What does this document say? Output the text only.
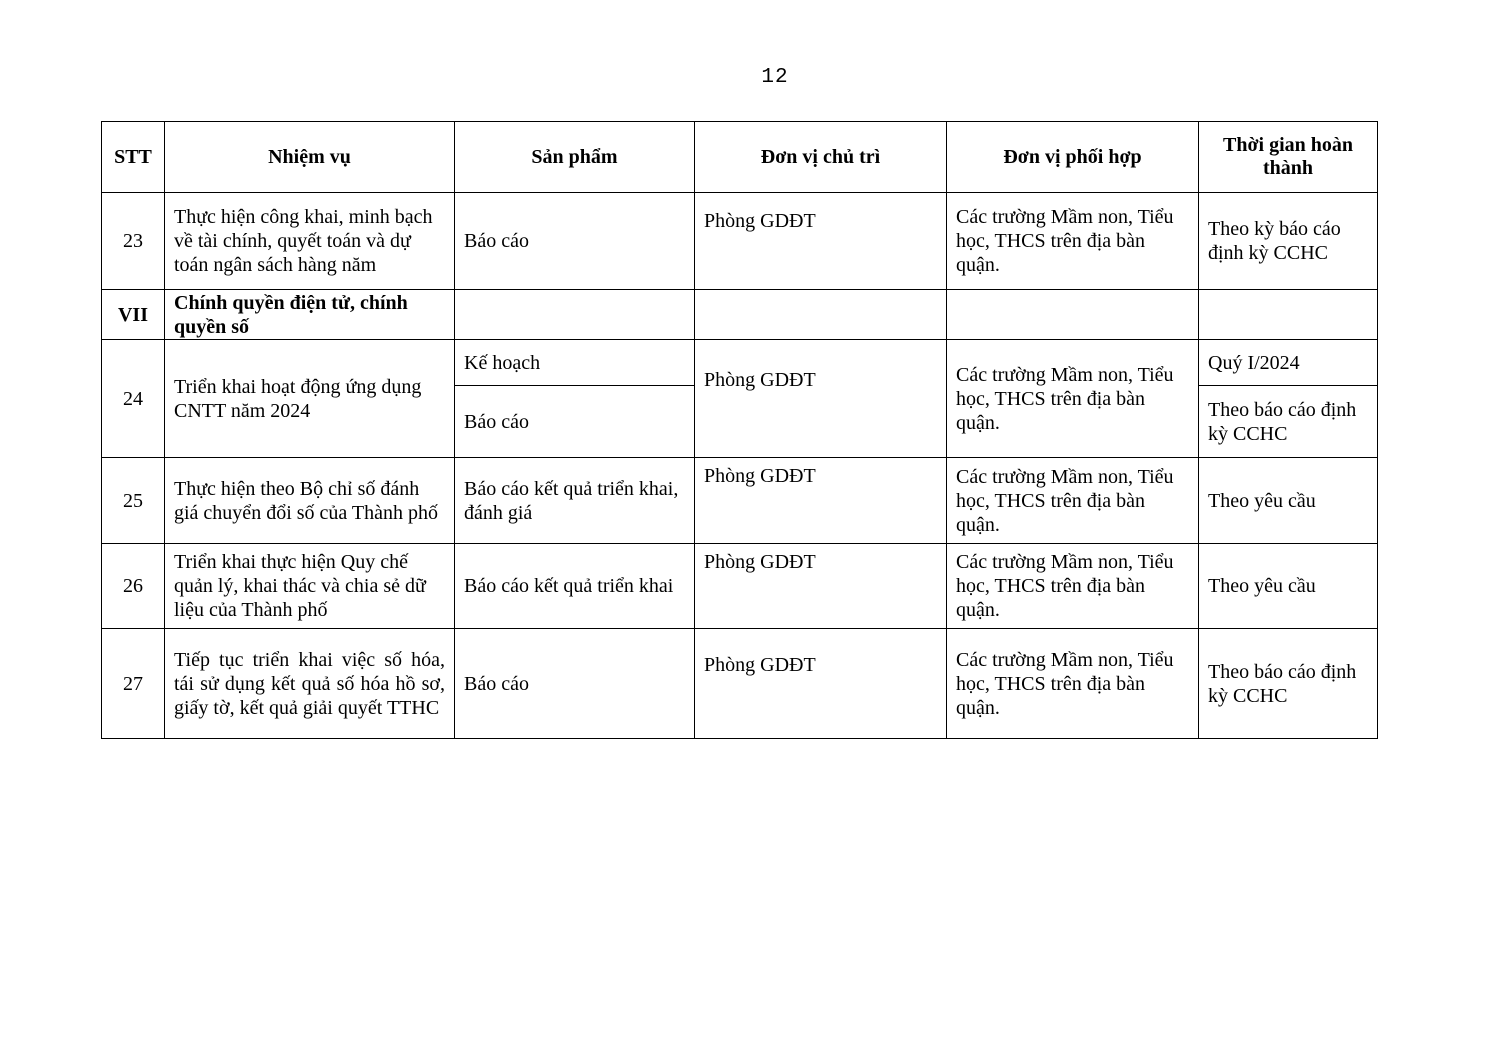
12
STT	Nhiệm vụ	Sản phẩm	Đơn vị chủ trì	Đơn vị phối hợp	Thời gian hoàn thành
23	Thực hiện công khai, minh bạch về tài chính, quyết toán và dự toán ngân sách hàng năm	Báo cáo	Phòng GDĐT	Các trường Mầm non, Tiểu học, THCS trên địa bàn quận.	Theo kỳ báo cáo định kỳ CCHC
VII	Chính quyền điện tử, chính quyền số				
24	Triển khai hoạt động ứng dụng CNTT năm 2024	Kế hoạch	Phòng GDĐT	Các trường Mầm non, Tiểu học, THCS trên địa bàn quận.	Quý I/2024
		Báo cáo			Theo báo cáo định kỳ CCHC
25	Thực hiện theo Bộ chỉ số đánh giá chuyển đổi số của Thành phố	Báo cáo kết quả triển khai, đánh giá	Phòng GDĐT	Các trường Mầm non, Tiểu học, THCS trên địa bàn quận.	Theo yêu cầu
26	Triển khai thực hiện Quy chế quản lý, khai thác và chia sẻ dữ liệu của Thành phố	Báo cáo kết quả triển khai	Phòng GDĐT	Các trường Mầm non, Tiểu học, THCS trên địa bàn quận.	Theo yêu cầu
27	Tiếp tục triển khai việc số hóa, tái sử dụng kết quả số hóa hồ sơ, giấy tờ, kết quả giải quyết TTHC	Báo cáo	Phòng GDĐT	Các trường Mầm non, Tiểu học, THCS trên địa bàn quận.	Theo báo cáo định kỳ CCHC
